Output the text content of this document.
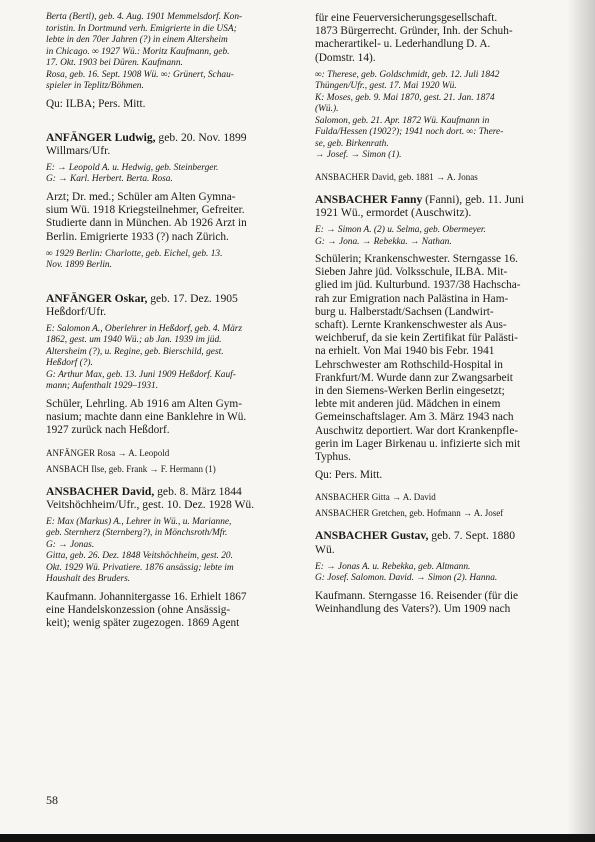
Berta (Bertl), geb. 4. Aug. 1901 Memmelsdorf. Kon-

toristin. In Dortmund verh. Emigrierte in die USA;

lebte in den 70er Jahren (?) in einem Altersheim

in Chicago. ∞ 1927 Wü.: Moritz Kaufmann, geb.

17. Okt. 1903 bei Düren. Kaufmann.

Rosa, geb. 16. Sept. 1908 Wü. ∞: Grünert, Schau-

spieler in Teplitz/Böhmen.

Qu: ILBA; Pers. Mitt.

ANFÄNGER Ludwig, geb. 20. Nov. 1899

Willmars/Ufr.

E: → Leopold A. u. Hedwig, geb. Steinberger.

G: → Karl. Herbert. Berta. Rosa.

Arzt; Dr. med.; Schüler am Alten Gymna-

sium Wü. 1918 Kriegsteilnehmer, Gefreiter.

Studierte dann in München. Ab 1926 Arzt in

Berlin. Emigrierte 1933 (?) nach Zürich.

∞ 1929 Berlin: Charlotte, geb. Eichel, geb. 13.

Nov. 1899 Berlin.

ANFÄNGER Oskar, geb. 17. Dez. 1905

Heßdorf/Ufr.

E: Salomon A., Oberlehrer in Heßdorf, geb. 4. März

1862, gest. um 1940 Wü.; ab Jan. 1939 im jüd.

Altersheim (?), u. Regine, geb. Bierschild, gest.

Heßdorf (?).

G: Arthur Max, geb. 13. Juni 1909 Heßdorf. Kauf-

mann; Aufenthalt 1929–1931.

Schüler, Lehrling. Ab 1916 am Alten Gym-

nasium; machte dann eine Banklehre in Wü.

1927 zurück nach Heßdorf.

ANFÄNGER Rosa → A. Leopold

ANSBACH Ilse, geb. Frank → F. Hermann (1)

ANSBACHER David, geb. 8. März 1844

Veitshöchheim/Ufr., gest. 10. Dez. 1928 Wü.

E: Max (Markus) A., Lehrer in Wü., u. Marianne,

geb. Sternherz (Sternberg?), in Mönchsroth/Mfr.

G: → Jonas.

Gitta, geb. 26. Dez. 1848 Veitshöchheim, gest. 20.

Okt. 1929 Wü. Privatiere. 1876 ansässig; lebte im

Haushalt des Bruders.

Kaufmann. Johannitergasse 16. Erhielt 1867

eine Handelskonzession (ohne Ansässig-

keit); wenig später zugezogen. 1869 Agent

für eine Feuerversicherungsgesellschaft.

1873 Bürgerrecht. Gründer, Inh. der Schuh-

macherartikel- u. Lederhandlung D. A.

(Domstr. 14).

∞: Therese, geb. Goldschmidt, geb. 12. Juli 1842

Thüngen/Ufr., gest. 17. Mai 1920 Wü.

K: Moses, geb. 9. Mai 1870, gest. 21. Jan. 1874

(Wü.).

Salomon, geb. 21. Apr. 1872 Wü. Kaufmann in

Fulda/Hessen (1902?); 1941 noch dort. ∞: There-

se, geb. Birkenrath.

→ Josef. → Simon (1).

ANSBACHER David, geb. 1881 → A. Jonas

ANSBACHER Fanny (Fanni), geb. 11. Juni

1921 Wü., ermordet (Auschwitz).

E: → Simon A. (2) u. Selma, geb. Obermeyer.

G: → Jona. → Rebekka. → Nathan.

Schülerin; Krankenschwester. Sterngasse 16.

Sieben Jahre jüd. Volksschule, ILBA. Mit-

glied im jüd. Kulturbund. 1937/38 Hachscha-

rah zur Emigration nach Palästina in Ham-

burg u. Halberstadt/Sachsen (Landwirt-

schaft). Lernte Krankenschwester als Aus-

weichberuf, da sie kein Zertifikat für Palästi-

na erhielt. Von Mai 1940 bis Febr. 1941

Lehrschwester am Rothschild-Hospital in

Frankfurt/M. Wurde dann zur Zwangsarbeit

in den Siemens-Werken Berlin eingesetzt;

lebte mit anderen jüd. Mädchen in einem

Gemeinschaftslager. Am 3. März 1943 nach

Auschwitz deportiert. War dort Krankenpfle-

gerin im Lager Birkenau u. infizierte sich mit

Typhus.

Qu: Pers. Mitt.

ANSBACHER Gitta → A. David

ANSBACHER Gretchen, geb. Hofmann → A. Josef

ANSBACHER Gustav, geb. 7. Sept. 1880

Wü.

E: → Jonas A. u. Rebekka, geb. Altmann.

G: Josef. Salomon. David. → Simon (2). Hanna.

Kaufmann. Sterngasse 16. Reisender (für die

Weinhandlung des Vaters?). Um 1909 nach

58
